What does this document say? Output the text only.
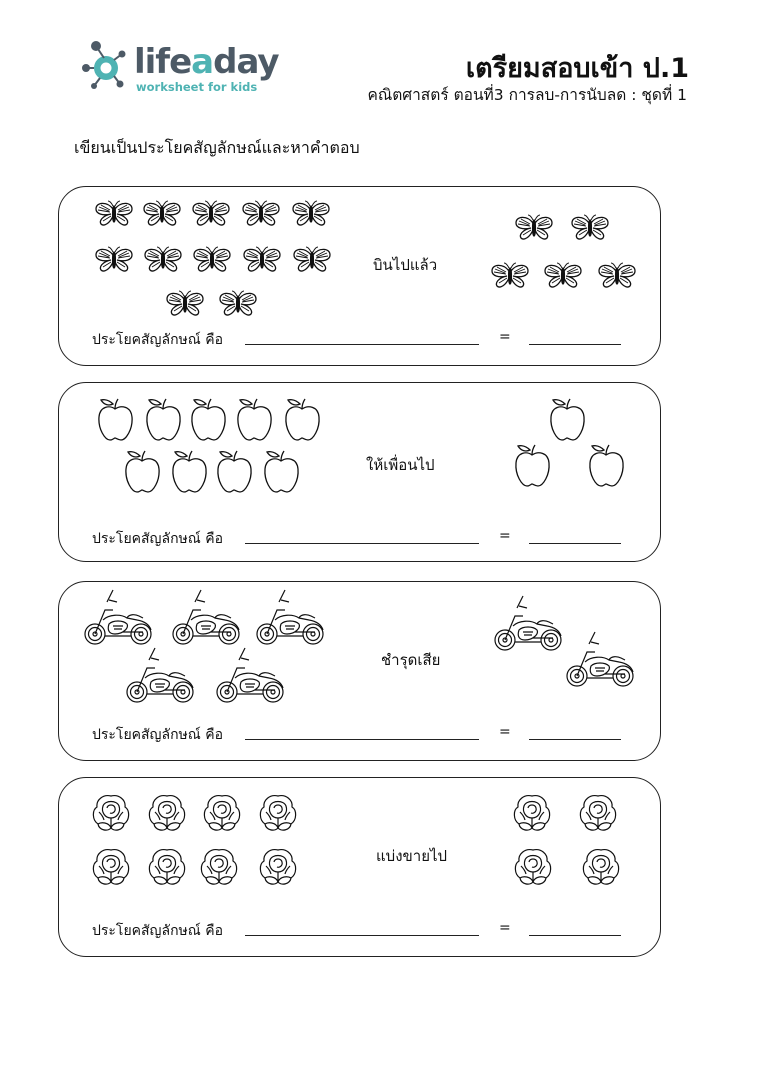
lifeaday
worksheet for kids
เตรียมสอบเข้า ป.1
คณิตศาสตร์ ตอนที่3 การลบ-การนับลด : ชุดที่ 1
เขียนเป็นประโยคสัญลักษณ์และหาคำตอบ
บินไปแล้ว
ประโยคสัญลักษณ์ คือ	=
ให้เพื่อนไป
ประโยคสัญลักษณ์ คือ	=
ชำรุดเสีย
ประโยคสัญลักษณ์ คือ	=
แบ่งขายไป
ประโยคสัญลักษณ์ คือ	=
